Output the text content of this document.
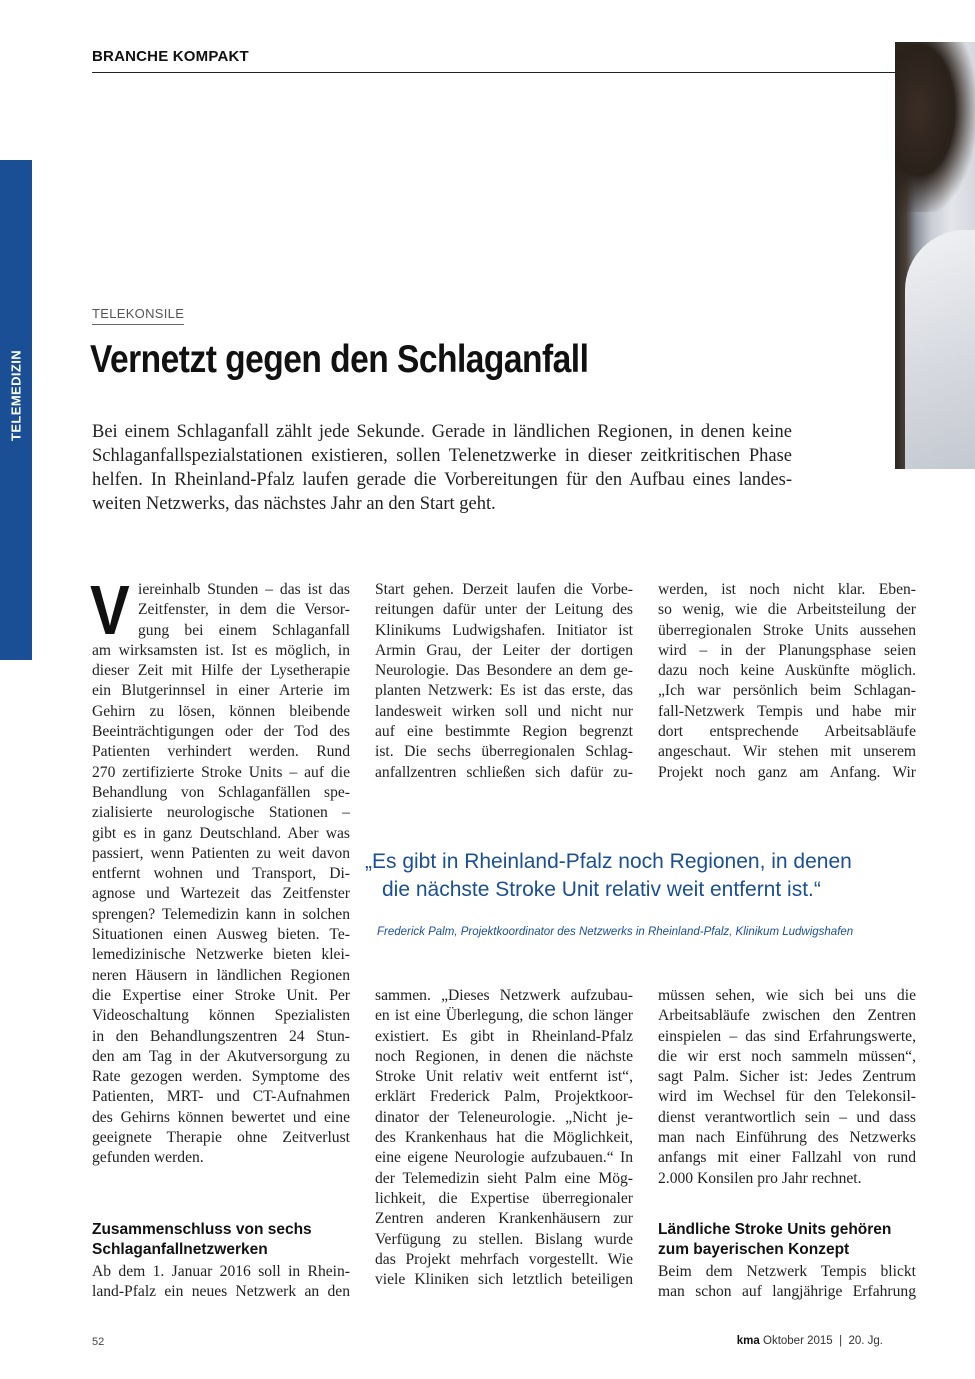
BRANCHE KOMPAKT
TELEMEDIZIN
TELEKONSILE
Vernetzt gegen den Schlaganfall
Bei einem Schlaganfall zählt jede Sekunde. Gerade in ländlichen Regionen, in denen keine
Schlaganfallspezialstationen existieren, sollen Telenetzwerke in dieser zeitkritischen Phase
helfen. In Rheinland-Pfalz laufen gerade die Vorbereitungen für den Aufbau eines landes-
weiten Netzwerks, das nächstes Jahr an den Start geht.
V iereinhalb Stunden – das ist das
Zeitfenster, in dem die Versor-
gung bei einem Schlaganfall
am wirksamsten ist. Ist es möglich, in
dieser Zeit mit Hilfe der Lysetherapie
ein Blutgerinnsel in einer Arterie im
Gehirn zu lösen, können bleibende
Beeinträchtigungen oder der Tod des
Patienten verhindert werden. Rund
270 zertifizierte Stroke Units – auf die
Behandlung von Schlaganfällen spe-
zialisierte neurologische Stationen –
gibt es in ganz Deutschland. Aber was
passiert, wenn Patienten zu weit davon
entfernt wohnen und Transport, Di-
agnose und Wartezeit das Zeitfenster
sprengen? Telemedizin kann in solchen
Situationen einen Ausweg bieten. Te-
lemedizinische Netzwerke bieten klei-
neren Häusern in ländlichen Regionen
die Expertise einer Stroke Unit. Per
Videoschaltung können Spezialisten
in den Behandlungszentren 24 Stun-
den am Tag in der Akutversorgung zu
Rate gezogen werden. Symptome des
Patienten, MRT- und CT-Aufnahmen
des Gehirns können bewertet und eine
geeignete Therapie ohne Zeitverlust
gefunden werden.
Zusammenschluss von sechs
Schlaganfallnetzwerken
Ab dem 1. Januar 2016 soll in Rhein-
land-Pfalz ein neues Netzwerk an den
Start gehen. Derzeit laufen die Vorbe-
reitungen dafür unter der Leitung des
Klinikums Ludwigshafen. Initiator ist
Armin Grau, der Leiter der dortigen
Neurologie. Das Besondere an dem ge-
planten Netzwerk: Es ist das erste, das
landesweit wirken soll und nicht nur
auf eine bestimmte Region begrenzt
ist. Die sechs überregionalen Schlag-
anfallzentren schließen sich dafür zu-
werden, ist noch nicht klar. Eben-
so wenig, wie die Arbeitsteilung der
überregionalen Stroke Units aussehen
wird – in der Planungsphase seien
dazu noch keine Auskünfte möglich.
„Ich war persönlich beim Schlagan-
fall-Netzwerk Tempis und habe mir
dort entsprechende Arbeitsabläufe
angeschaut. Wir stehen mit unserem
Projekt noch ganz am Anfang. Wir
„Es gibt in Rheinland-Pfalz noch Regionen, in denen
die nächste Stroke Unit relativ weit entfernt ist.“
Frederick Palm, Projektkoordinator des Netzwerks in Rheinland-Pfalz, Klinikum Ludwigshafen
sammen. „Dieses Netzwerk aufzubau-
en ist eine Überlegung, die schon länger
existiert. Es gibt in Rheinland-Pfalz
noch Regionen, in denen die nächste
Stroke Unit relativ weit entfernt ist“,
erklärt Frederick Palm, Projektkoor-
dinator der Teleneurologie. „Nicht je-
des Krankenhaus hat die Möglichkeit,
eine eigene Neurologie aufzubauen.“ In
der Telemedizin sieht Palm eine Mög-
lichkeit, die Expertise überregionaler
Zentren anderen Krankenhäusern zur
Verfügung zu stellen. Bislang wurde
das Projekt mehrfach vorgestellt. Wie
viele Kliniken sich letztlich beteiligen
müssen sehen, wie sich bei uns die
Arbeitsabläufe zwischen den Zentren
einspielen – das sind Erfahrungswerte,
die wir erst noch sammeln müssen“,
sagt Palm. Sicher ist: Jedes Zentrum
wird im Wechsel für den Telekonsil-
dienst verantwortlich sein – und dass
man nach Einführung des Netzwerks
anfangs mit einer Fallzahl von rund
2.000 Konsilen pro Jahr rechnet.
Ländliche Stroke Units gehören
zum bayerischen Konzept
Beim dem Netzwerk Tempis blickt
man schon auf langjährige Erfahrung
52	kma Oktober 2015 | 20. Jg.
